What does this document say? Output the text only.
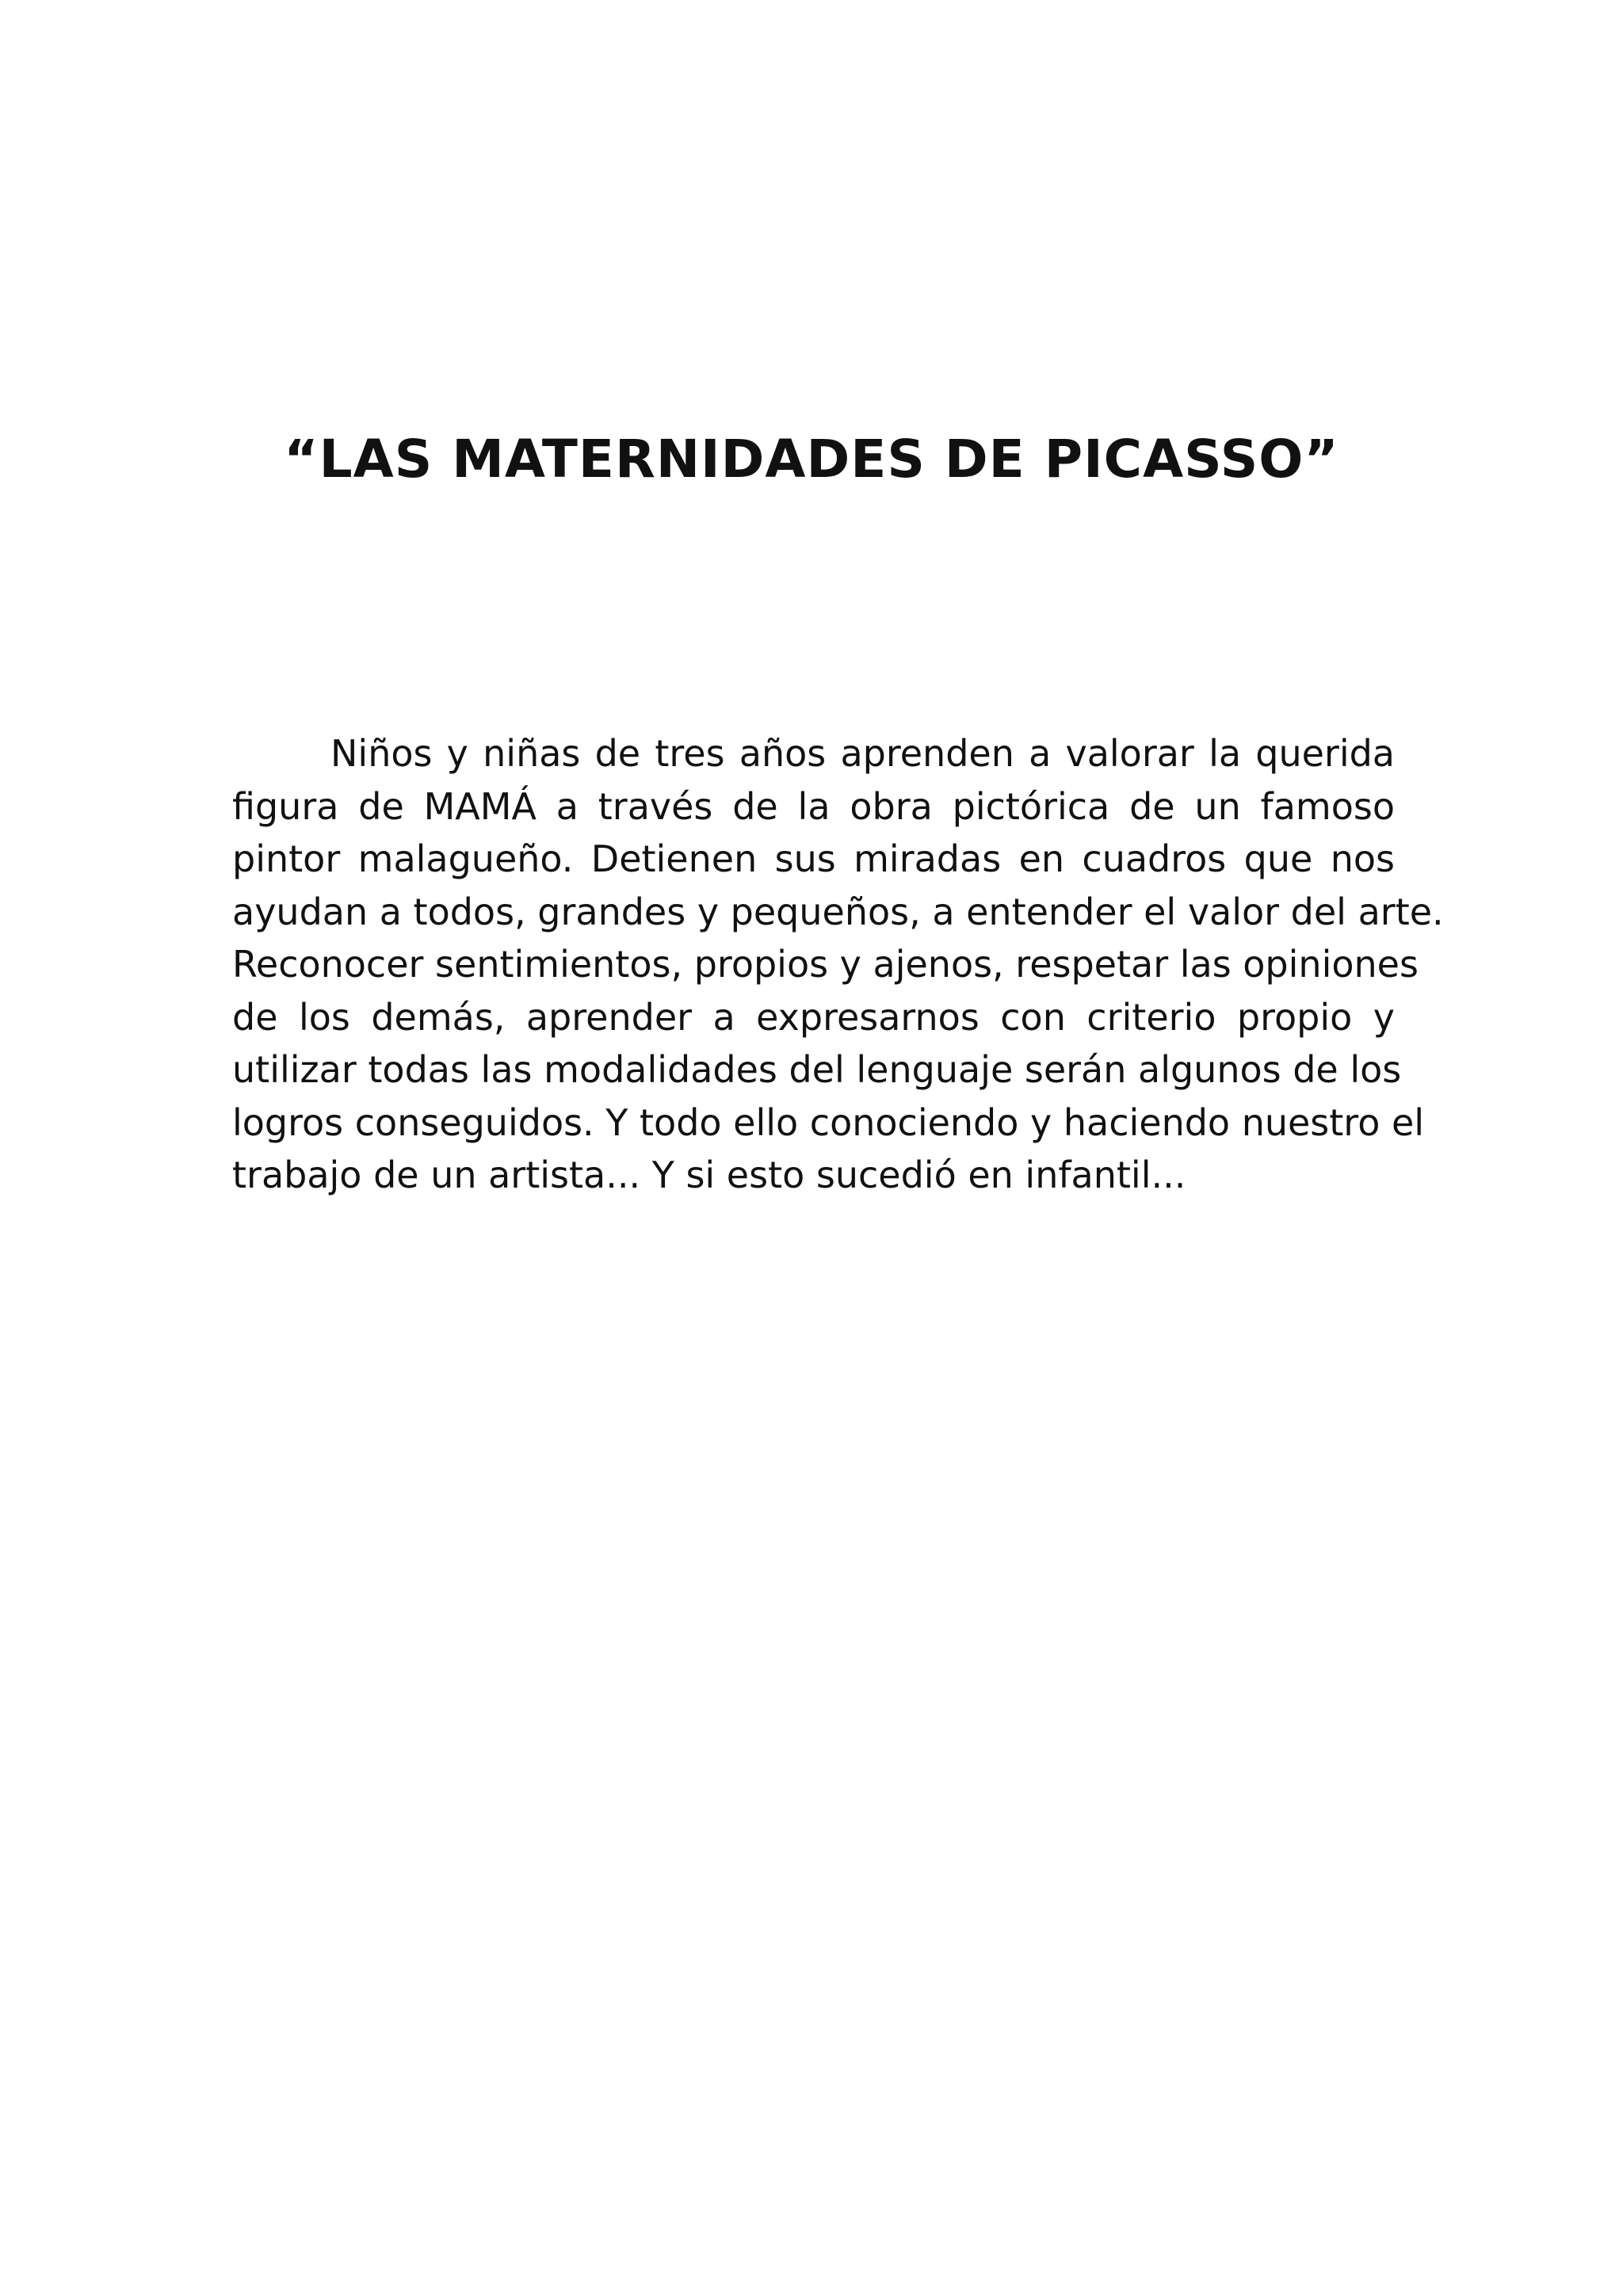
“LAS MATERNIDADES DE PICASSO”
Niños y niñas de tres años aprenden a valorar la querida
figura de MAMÁ a través de la obra pictórica de un famoso
pintor malagueño. Detienen sus miradas en cuadros que nos
ayudan a todos, grandes y pequeños, a entender el valor del arte.
Reconocer sentimientos, propios y ajenos, respetar las opiniones
de los demás, aprender a expresarnos con criterio propio y
utilizar todas las modalidades del lenguaje serán algunos de los
logros conseguidos. Y todo ello conociendo y haciendo nuestro el
trabajo de un artista... Y si esto sucedió en infantil...
